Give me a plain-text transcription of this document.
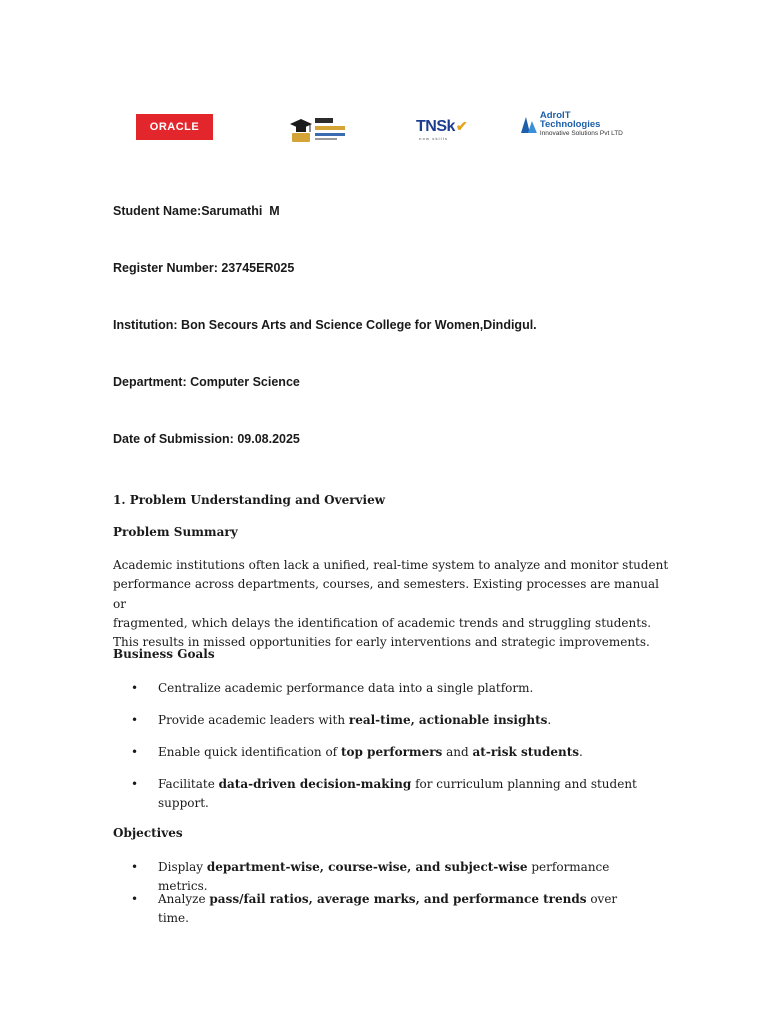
ORACLE	TNSk ✔
now skills
AdroIT Technologies
Innovative Solutions Pvt LTD
Student Name:Sarumathi  M
Register Number: 23745ER025
Institution: Bon Secours Arts and Science College for Women,Dindigul.
Department: Computer Science
Date of Submission: 09.08.2025
1. Problem Understanding and Overview
Problem Summary
Academic institutions often lack a unified, real-time system to analyze and monitor student
performance across departments, courses, and semesters. Existing processes are manual or
fragmented, which delays the identification of academic trends and struggling students.
This results in missed opportunities for early interventions and strategic improvements.
Business Goals
• Centralize academic performance data into a single platform.
• Provide academic leaders with real-time, actionable insights.
• Enable quick identification of top performers and at-risk students.
• Facilitate data-driven decision-making for curriculum planning and student
support.
Objectives
• Display department-wise, course-wise, and subject-wise performance metrics.
• Analyze pass/fail ratios, average marks, and performance trends over time.
